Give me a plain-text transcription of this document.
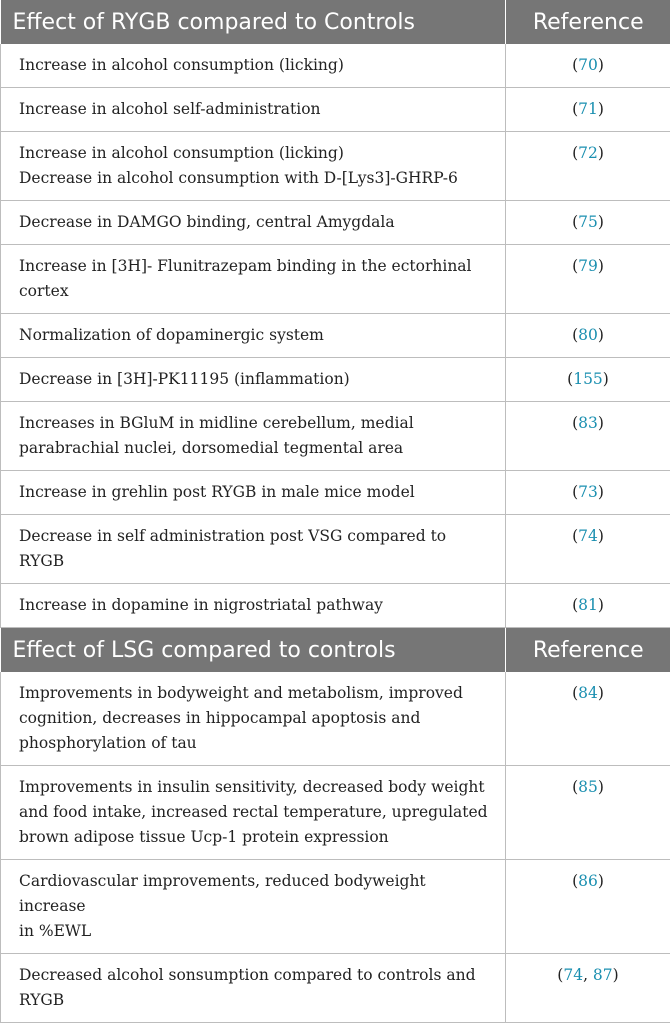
Effect of RYGB compared to Controls	Reference

Increase in alcohol consumption (licking)	(70)

Increase in alcohol self-administration	(71)

Increase in alcohol consumption (licking)
Decrease in alcohol consumption with D-[Lys3]-GHRP-6	(72)

Decrease in DAMGO binding, central Amygdala	(75)

Increase in [3H]- Flunitrazepam binding in the ectorhinal
cortex	(79)

Normalization of dopaminergic system	(80)

Decrease in [3H]-PK11195 (inflammation)	(155)

Increases in BGluM in midline cerebellum, medial
parabrachial nuclei, dorsomedial tegmental area	(83)

Increase in grehlin post RYGB in male mice model	(73)

Decrease in self administration post VSG compared to RYGB	(74)

Increase in dopamine in nigrostriatal pathway	(81)
Effect of LSG compared to controls	Reference

Improvements in bodyweight and metabolism, improved
cognition, decreases in hippocampal apoptosis and
phosphorylation of tau	(84)

Improvements in insulin sensitivity, decreased body weight
and food intake, increased rectal temperature, upregulated
brown adipose tissue Ucp-1 protein expression	(85)

Cardiovascular improvements, reduced bodyweight increase
in %EWL	(86)

Decreased alcohol sonsumption compared to controls and
RYGB	(74, 87)
